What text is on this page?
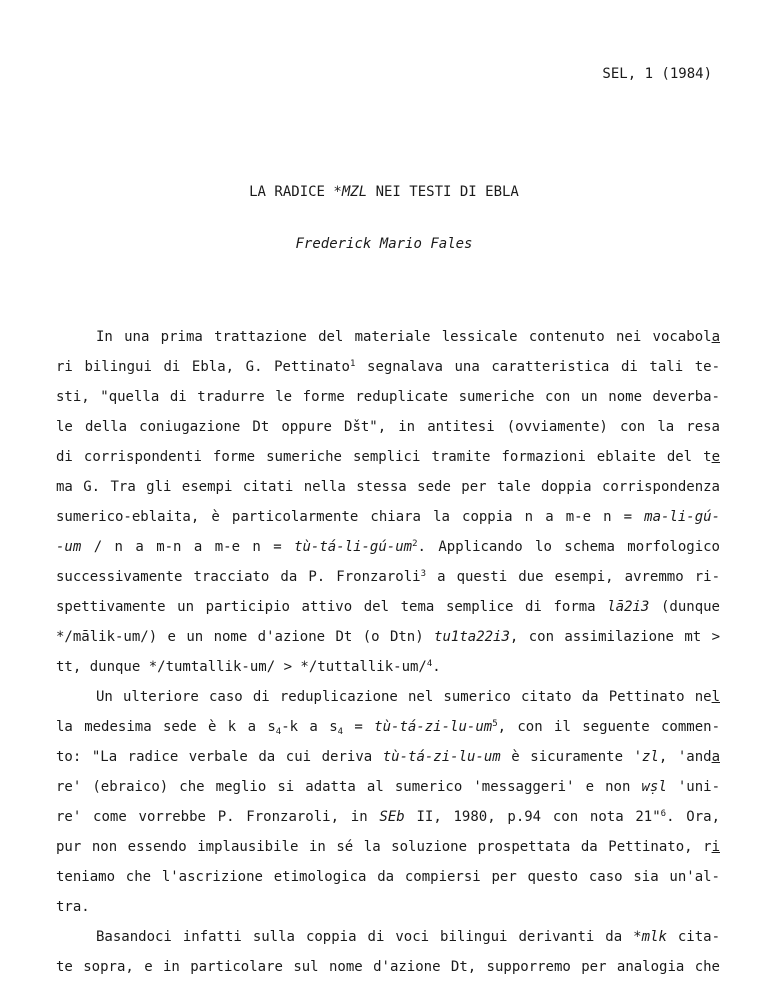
SEL, 1 (1984)
LA RADICE *MZL NEI TESTI DI EBLA
Frederick Mario Fales
In una prima trattazione del materiale lessicale contenuto nei vocabola
ri bilingui di Ebla, G. Pettinato$^1$ segnalava una caratteristica di tali te-
sti, "quella di tradurre le forme reduplicate sumeriche con un nome deverba-
le della coniugazione Dt oppure Dšt", in antitesi (ovviamente) con la resa
di corrispondenti forme sumeriche semplici tramite formazioni eblaite del te
ma G. Tra gli esempi citati nella stessa sede per tale doppia corrispondenza
sumerico-eblaita, è particolarmente chiara la coppia n a m-e n = ma-li-gú-
-um / n a m-n a m-e $n = tù-tá-li-gú-um^2$. Applicando lo schema morfologico
successivamente tracciato da P. Fronzaroli$^3$ a questi due esempi, avremmo ri-
spettivamente un participio attivo del tema semplice di forma lā2i3 (dunque
*/mālik-um/) e un nome d'azione Dt (o Dtn) tu1ta22i3, con assimilazione mt >
tt, dunque */tumtallik-um/ > */tuttallik-um/$^4$.
Un ulteriore caso di reduplicazione nel sumerico citato da Pettinato nel
la medesima sede è k a $s_4-k$ a $s_4$ = $tù-tá-zi-lu-um^5$, con il seguente commen-
to: "La radice verbale da cui deriva tù-tá-zi-lu-um è sicuramente 'zl, 'anda
re' (ebraico) che meglio si adatta al sumerico 'messaggeri' e non wṣl 'uni-
re' come vorrebbe P. Fronzaroli, in SEb II, 1980, p.94 con nota 21"$^6$. Ora,
pur non essendo implausibile in sé la soluzione prospettata da Pettinato, ri
teniamo che l'ascrizione etimologica da compiersi per questo caso sia un'al-
tra.
Basandoci infatti sulla coppia di voci bilingui derivanti da *mlk cita-
te sopra, e in particolare sul nome d'azione Dt, supporremo per analogia che
